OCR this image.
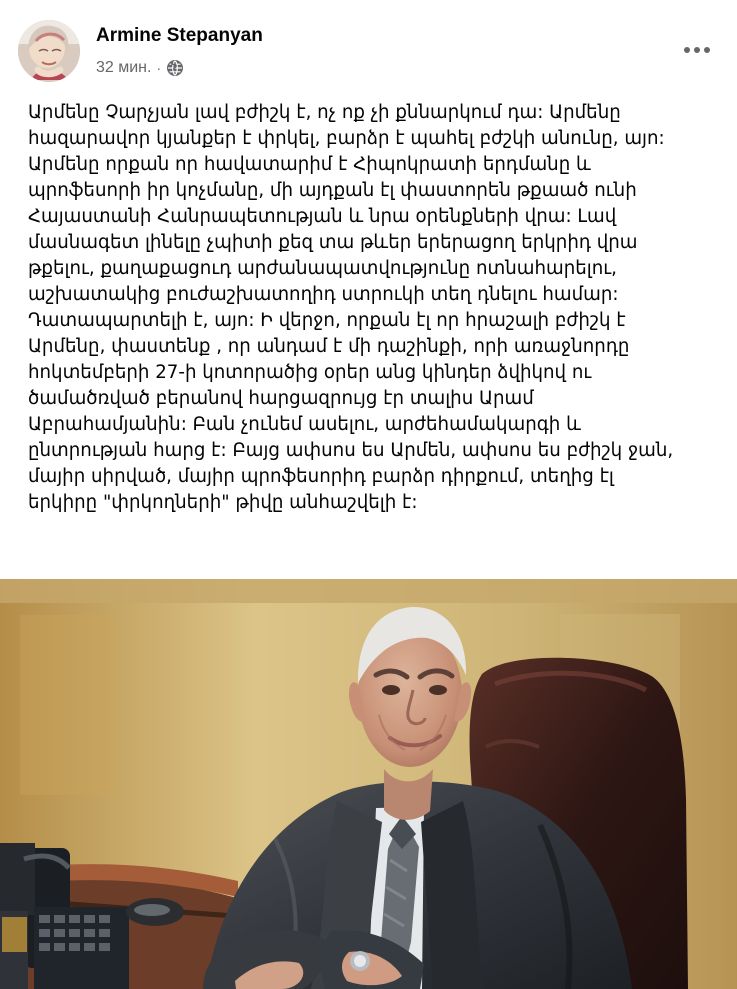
Armine Stepanyan
32 мин. ·
Արմենը Չարչյան լավ բժիշկ է, ոչ ոք չի քննարկում դա: Արմենը
հազարավոր կյանքեր է փրկել, բարձր է պահել բժշկի անունը, այո:
Արմենը որքան որ հավատարիմ է Հիպոկրատի երդմանը և
պրոֆեսորի իր կոչմանը, մի այդքան էլ փաստորեն թքաած ունի
Հայաստանի Հանրապետության և նրա օրենքների վրա: Լավ
մասնագետ լինելը չպիտի քեզ տա թևեր երերացող երկրիդ վրա
թքելու, քաղաքացուդ արժանապատվությունը ոտնահարելու,
աշխատակից բուժաշխատողիդ ստրուկի տեղ դնելու համար:
Դատապարտելի է, այո: Ի վերջո, որքան էլ որ հրաշալի բժիշկ է
Արմենը, փաստենք , որ անդամ է մի դաշինքի, որի առաջնորդը
հոկտեմբերի 27-ի կոտորածից օրեր անց կինդեր ձվիկով ու
ծամածռված բերանով հարցազրույց էր տալիս Արամ
Աբրահամյանին: Բան չունեմ ասելու, արժեհամակարգի և
ընտրության հարց է: Բայց ափսոս ես Արմեն, ափսոս ես բժիշկ ջան,
մայիր սիրված, մայիր պրոֆեսորիդ բարձր դիրքում, տեղից էլ
երկիրը "փրկողների" թիվը անհաշվելի է:
